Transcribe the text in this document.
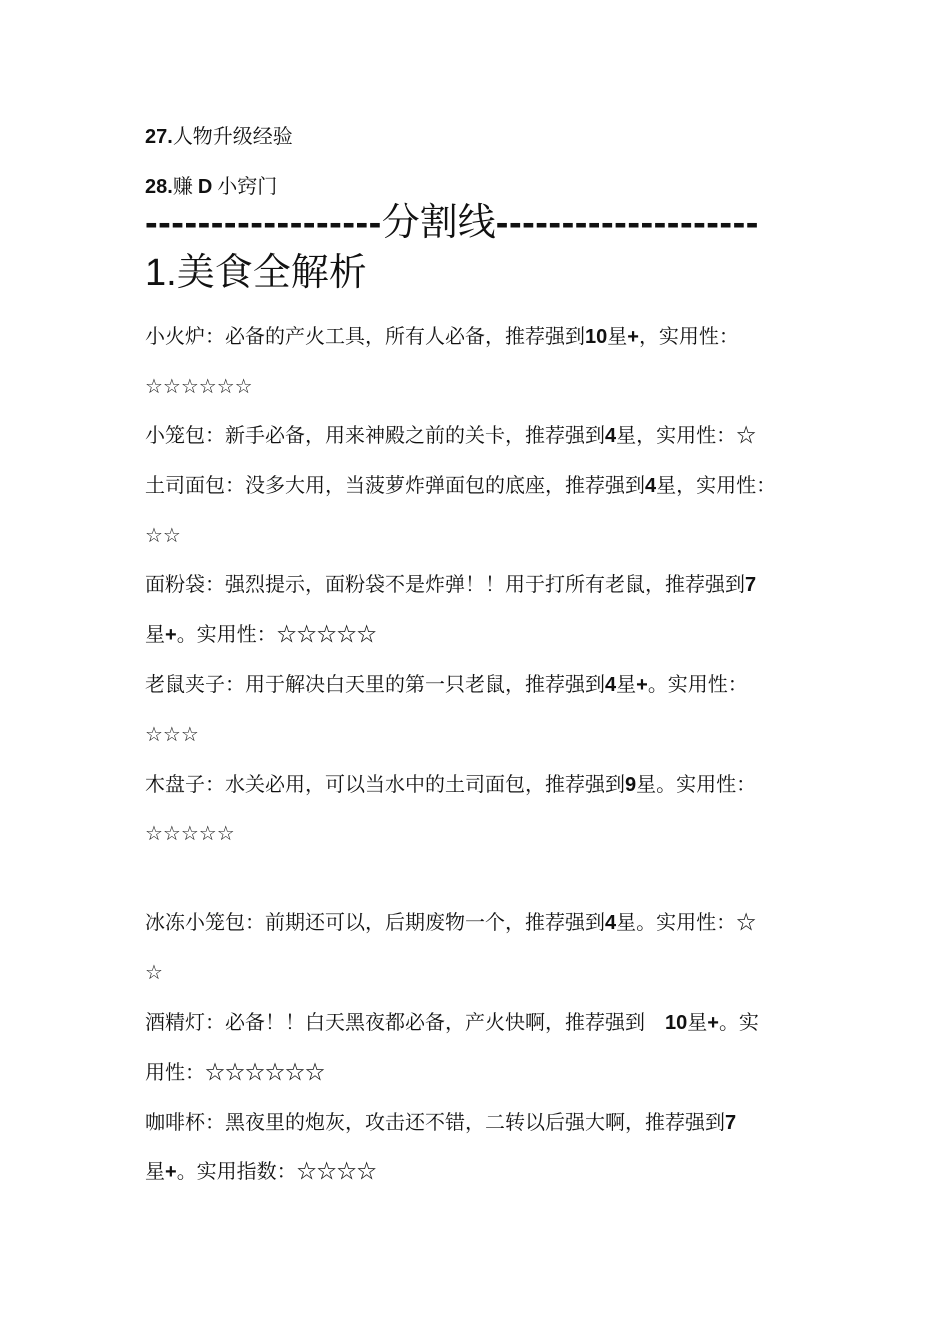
27.人物升级经验
28.赚 D 小窍门
------------------分割线--------------------
1.美食全解析
小火炉：必备的产火工具，所有人必备，推荐强到10星+，实用性：
☆☆☆☆☆☆
小笼包：新手必备，用来神殿之前的关卡，推荐强到4星，实用性：☆
土司面包：没多大用，当菠萝炸弹面包的底座，推荐强到4星，实用性：
☆☆
面粉袋：强烈提示，面粉袋不是炸弹！！用于打所有老鼠，推荐强到7
星+。实用性：☆☆☆☆☆
老鼠夹子：用于解决白天里的第一只老鼠，推荐强到4星+。实用性：
☆☆☆
木盘子：水关必用，可以当水中的土司面包，推荐强到9星。实用性：
☆☆☆☆☆
冰冻小笼包：前期还可以，后期废物一个，推荐强到4星。实用性：☆
☆
酒精灯：必备！！白天黑夜都必备，产火快啊，推荐强到　10星+。实
用性：☆☆☆☆☆☆
咖啡杯：黑夜里的炮灰，攻击还不错，二转以后强大啊，推荐强到7
星+。实用指数：☆☆☆☆
